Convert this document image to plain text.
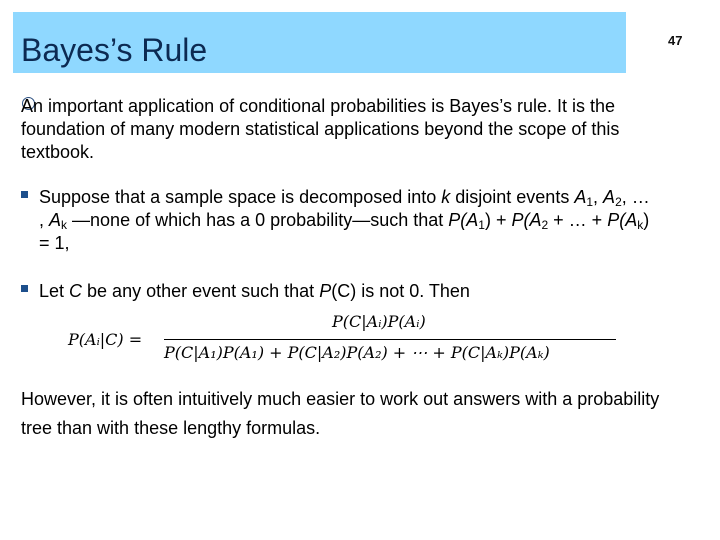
Bayes’s Rule	47
An important application of conditional probabilities is Bayes’s rule. It is the foundation of many modern statistical applications beyond the scope of this textbook.
Suppose that a sample space is decomposed into k disjoint events $A_1$, $A_2$, … , $A_k$ —none of which has a 0 probability—such that $P(A_1) + P(A_2$ + … + $P(A_k) = 1$,
Let C be any other event such that P(C) is not 0. Then
P(Aᵢ|C) =
P(C|Aᵢ)P(Aᵢ)
P(C|A₁)P(A₁) + P(C|A₂)P(A₂) + ⋯ + P(C|Aₖ)P(Aₖ)
However, it is often intuitively much easier to work out answers with a probability tree than with these lengthy formulas.
